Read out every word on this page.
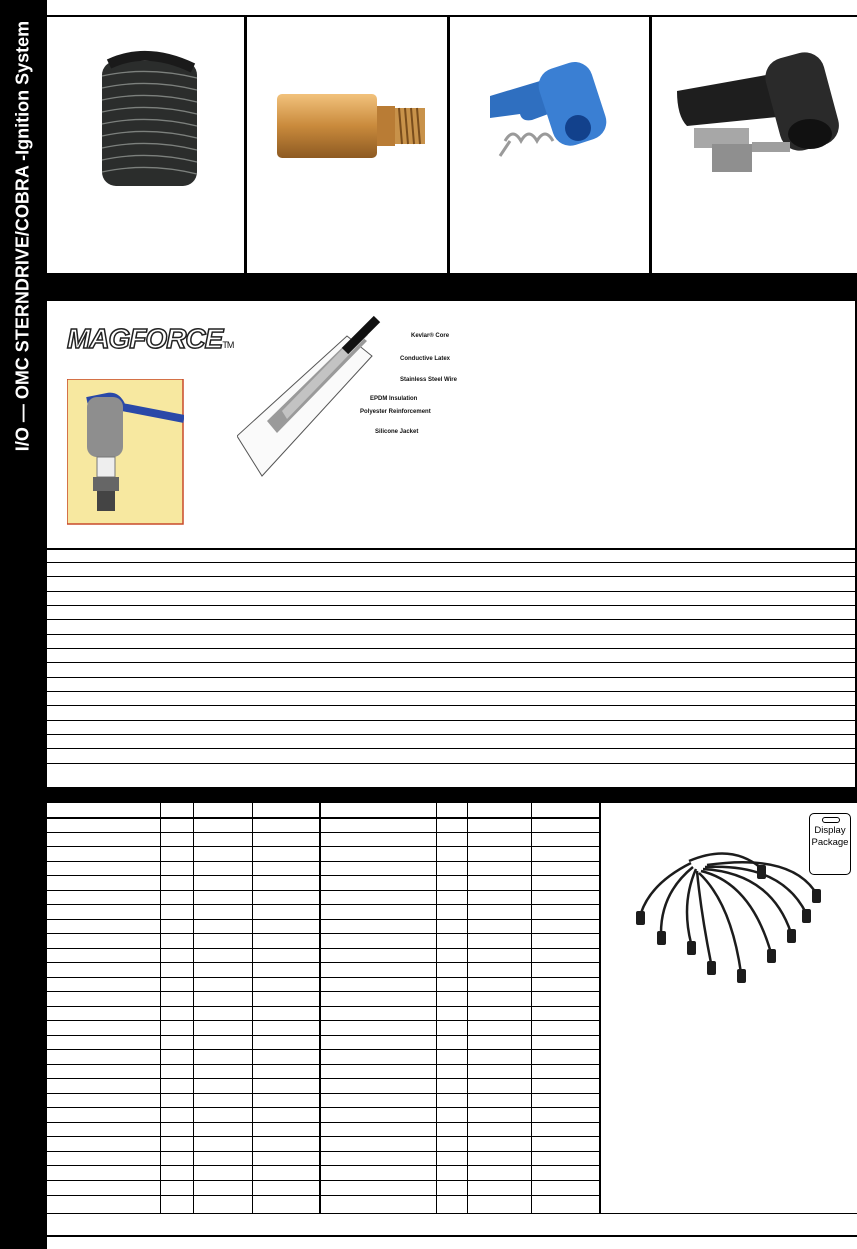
I/O — OMC STERNDRIVE/COBRA -Ignition System MAGFORCETM
Kevlar® Core
Conductive Latex
Stainless Steel Wire
EPDM Insulation
Polyester Reinforcement
Silicone Jacket
Display
Package
